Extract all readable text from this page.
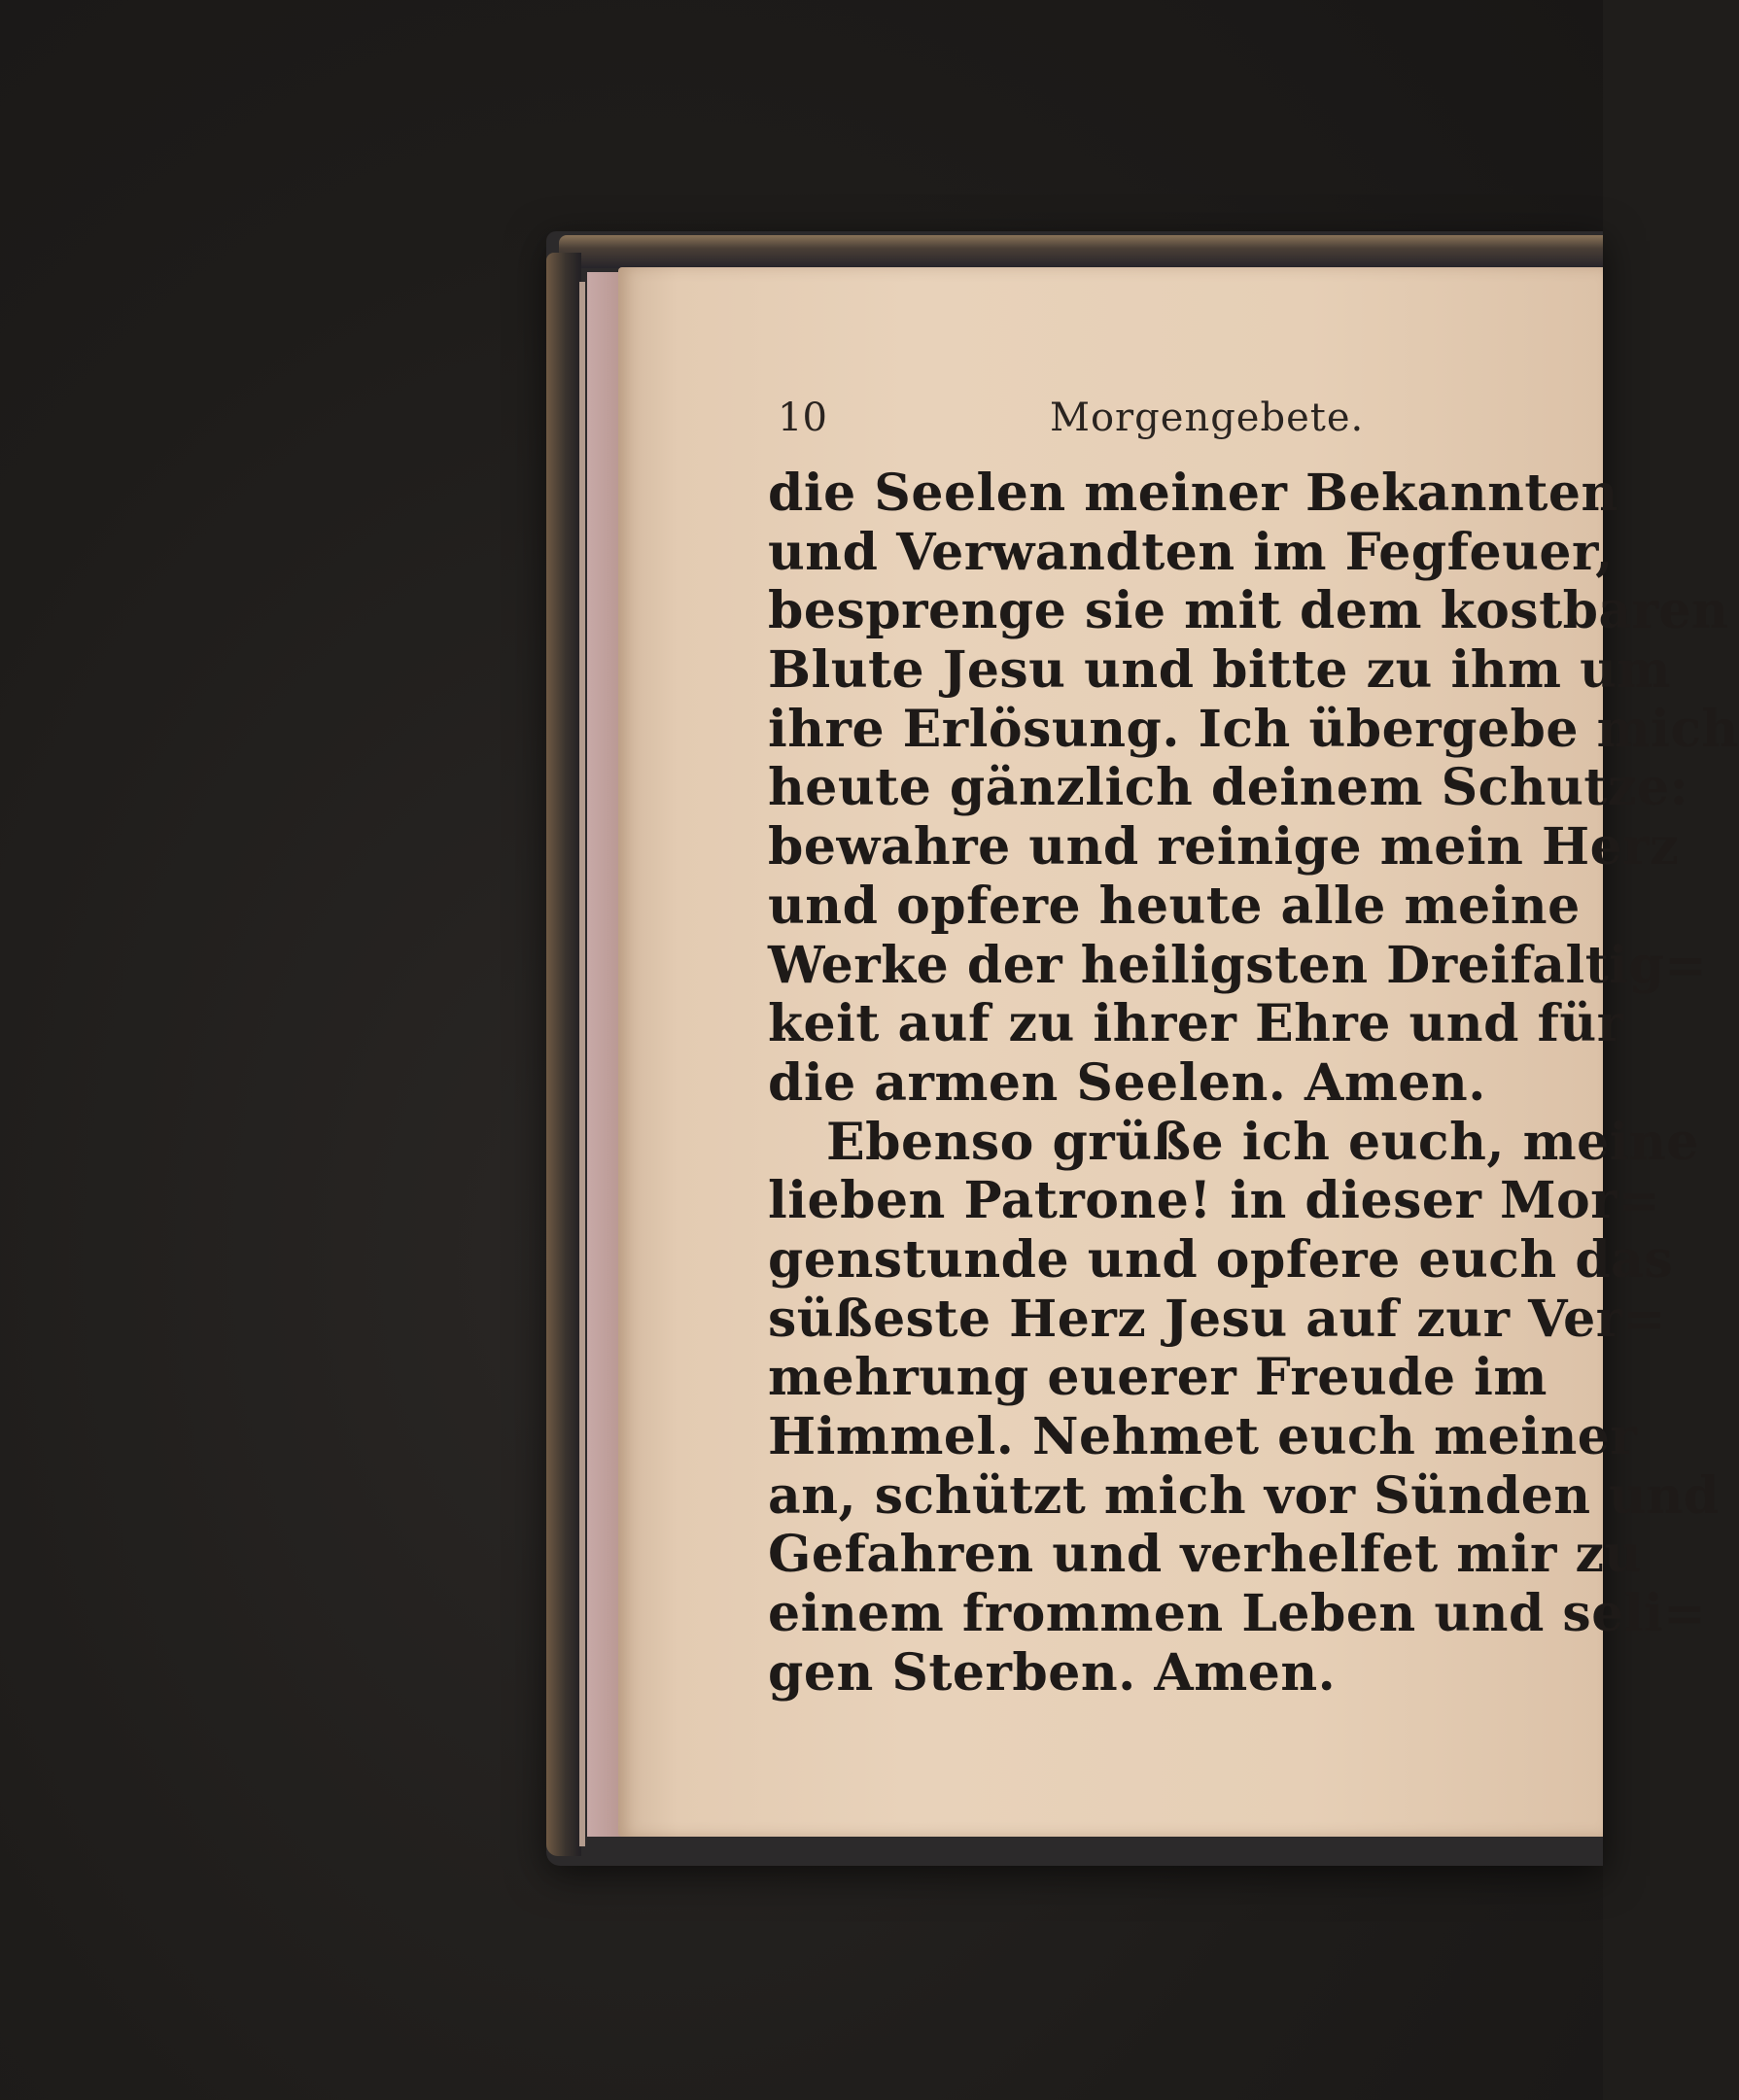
10	Morgengebete.
die Seelen meiner Bekannten
und Verwandten im Fegfeuer,
besprenge sie mit dem kostbaren
Blute Jesu und bitte zu ihm um
ihre Erlösung. Ich übergebe mich
heute gänzlich deinem Schutze:
bewahre und reinige mein Herz
und opfere heute alle meine
Werke der heiligsten Dreifaltig=
keit auf zu ihrer Ehre und für
die armen Seelen. Amen.
Ebenso grüße ich euch, meine
lieben Patrone! in dieser Mor=
genstunde und opfere euch das
süßeste Herz Jesu auf zur Ver=
mehrung euerer Freude im
Himmel. Nehmet euch meiner
an, schützt mich vor Sünden und
Gefahren und verhelfet mir zu
einem frommen Leben und seli=
gen Sterben. Amen.
